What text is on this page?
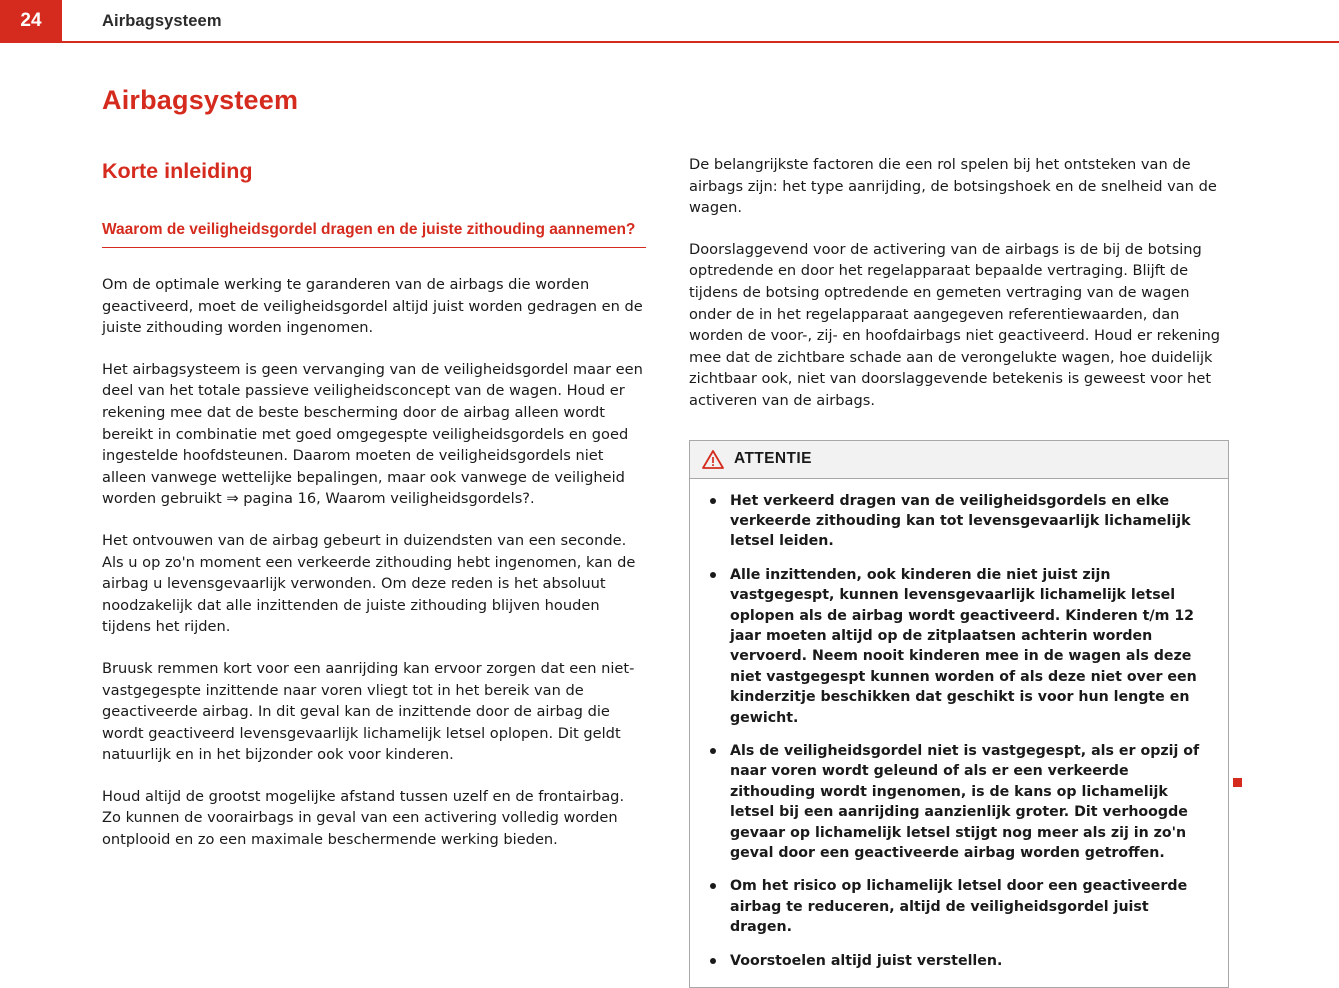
24	Airbagsysteem
Airbagsysteem
Korte inleiding
Waarom de veiligheidsgordel dragen en de juiste zithouding aannemen?

Om de optimale werking te garanderen van de airbags die worden geactiveerd, moet de veiligheidsgordel altijd juist worden gedragen en de juiste zithouding worden ingenomen.

Het airbagsysteem is geen vervanging van de veiligheidsgordel maar een deel van het totale passieve veiligheidsconcept van de wagen. Houd er rekening mee dat de beste bescherming door de airbag alleen wordt bereikt in combinatie met goed omgegespte veiligheidsgordels en goed ingestelde hoofdsteunen. Daarom moeten de veiligheidsgordels niet alleen vanwege wettelijke bepalingen, maar ook vanwege de veiligheid worden gebruikt ⇒ pagina 16, Waarom veiligheidsgordels?.

Het ontvouwen van de airbag gebeurt in duizendsten van een seconde. Als u op zo'n moment een verkeerde zithouding hebt ingenomen, kan de airbag u levensgevaarlijk verwonden. Om deze reden is het absoluut noodzakelijk dat alle inzittenden de juiste zithouding blijven houden tijdens het rijden.

Bruusk remmen kort voor een aanrijding kan ervoor zorgen dat een niet-vastgegespte inzittende naar voren vliegt tot in het bereik van de geactiveerde airbag. In dit geval kan de inzittende door de airbag die wordt geactiveerd levensgevaarlijk lichamelijk letsel oplopen. Dit geldt natuurlijk en in het bijzonder ook voor kinderen.

Houd altijd de grootst mogelijke afstand tussen uzelf en de frontairbag. Zo kunnen de voorairbags in geval van een activering volledig worden ontplooid en zo een maximale beschermende werking bieden.

De belangrijkste factoren die een rol spelen bij het ontsteken van de airbags zijn: het type aanrijding, de botsingshoek en de snelheid van de wagen.

Doorslaggevend voor de activering van de airbags is de bij de botsing optredende en door het regelapparaat bepaalde vertraging. Blijft de tijdens de botsing optredende en gemeten vertraging van de wagen onder de in het regelapparaat aangegeven referentiewaarden, dan worden de voor-, zij- en hoofdairbags niet geactiveerd. Houd er rekening mee dat de zichtbare schade aan de verongelukte wagen, hoe duidelijk zichtbaar ook, niet van doorslaggevende betekenis is geweest voor het activeren van de airbags.

ATTENTIE
Het verkeerd dragen van de veiligheidsgordels en elke verkeerde zithouding kan tot levensgevaarlijk lichamelijk letsel leiden.
Alle inzittenden, ook kinderen die niet juist zijn vastgegespt, kunnen levensgevaarlijk lichamelijk letsel oplopen als de airbag wordt geactiveerd. Kinderen t/m 12 jaar moeten altijd op de zitplaatsen achterin worden vervoerd. Neem nooit kinderen mee in de wagen als deze niet vastgegespt kunnen worden of als deze niet over een kinderzitje beschikken dat geschikt is voor hun lengte en gewicht.
Als de veiligheidsgordel niet is vastgegespt, als er opzij of naar voren wordt geleund of als er een verkeerde zithouding wordt ingenomen, is de kans op lichamelijk letsel bij een aanrijding aanzienlijk groter. Dit verhoogde gevaar op lichamelijk letsel stijgt nog meer als zij in zo'n geval door een geactiveerde airbag worden getroffen.
Om het risico op lichamelijk letsel door een geactiveerde airbag te reduceren, altijd de veiligheidsgordel juist dragen.
Voorstoelen altijd juist verstellen.
